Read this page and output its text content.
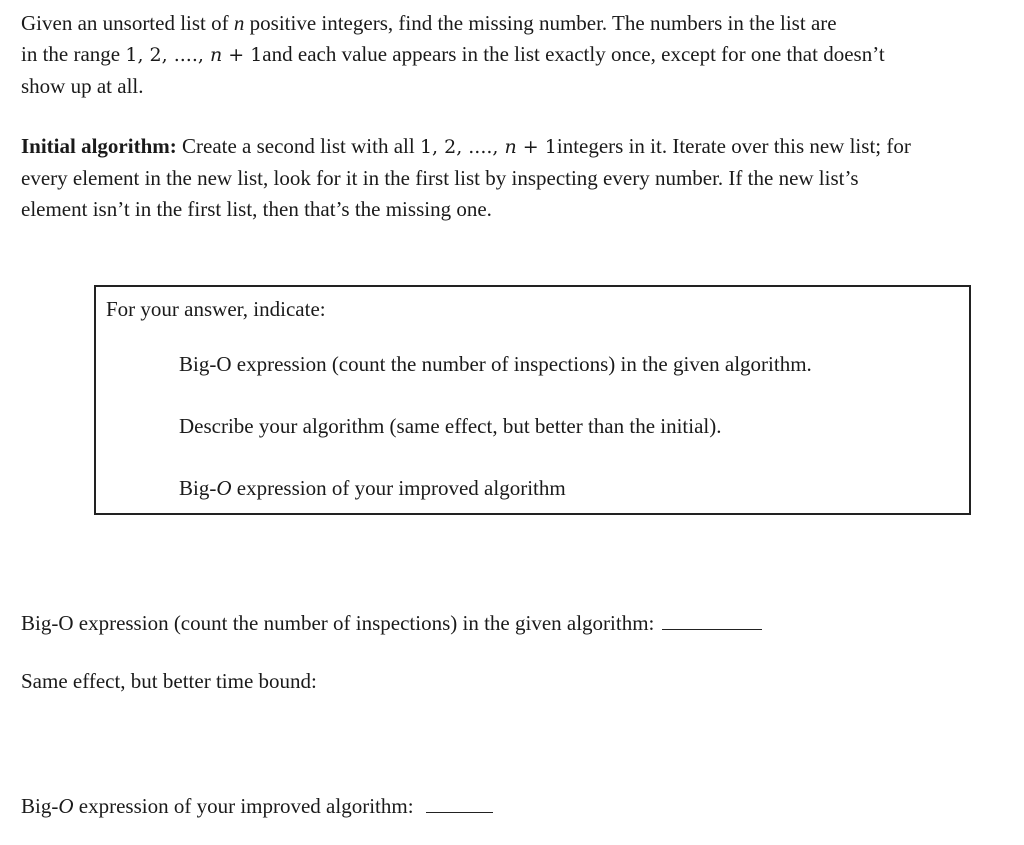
Given an unsorted list of n positive integers, find the missing number. The numbers in the list are
in the range 1, 2, ...., n + 1and each value appears in the list exactly once, except for one that doesn’t
show up at all.

Initial algorithm: Create a second list with all 1, 2, ...., n + 1integers in it. Iterate over this new list; for
every element in the new list, look for it in the first list by inspecting every number. If the new list’s
element isn’t in the first list, then that’s the missing one.

For your answer, indicate:

Big-O expression (count the number of inspections) in the given algorithm.

Describe your algorithm (same effect, but better than the initial).

Big-O expression of your improved algorithm

Big-O expression (count the number of inspections) in the given algorithm:

Same effect, but better time bound:

Big-O expression of your improved algorithm:
